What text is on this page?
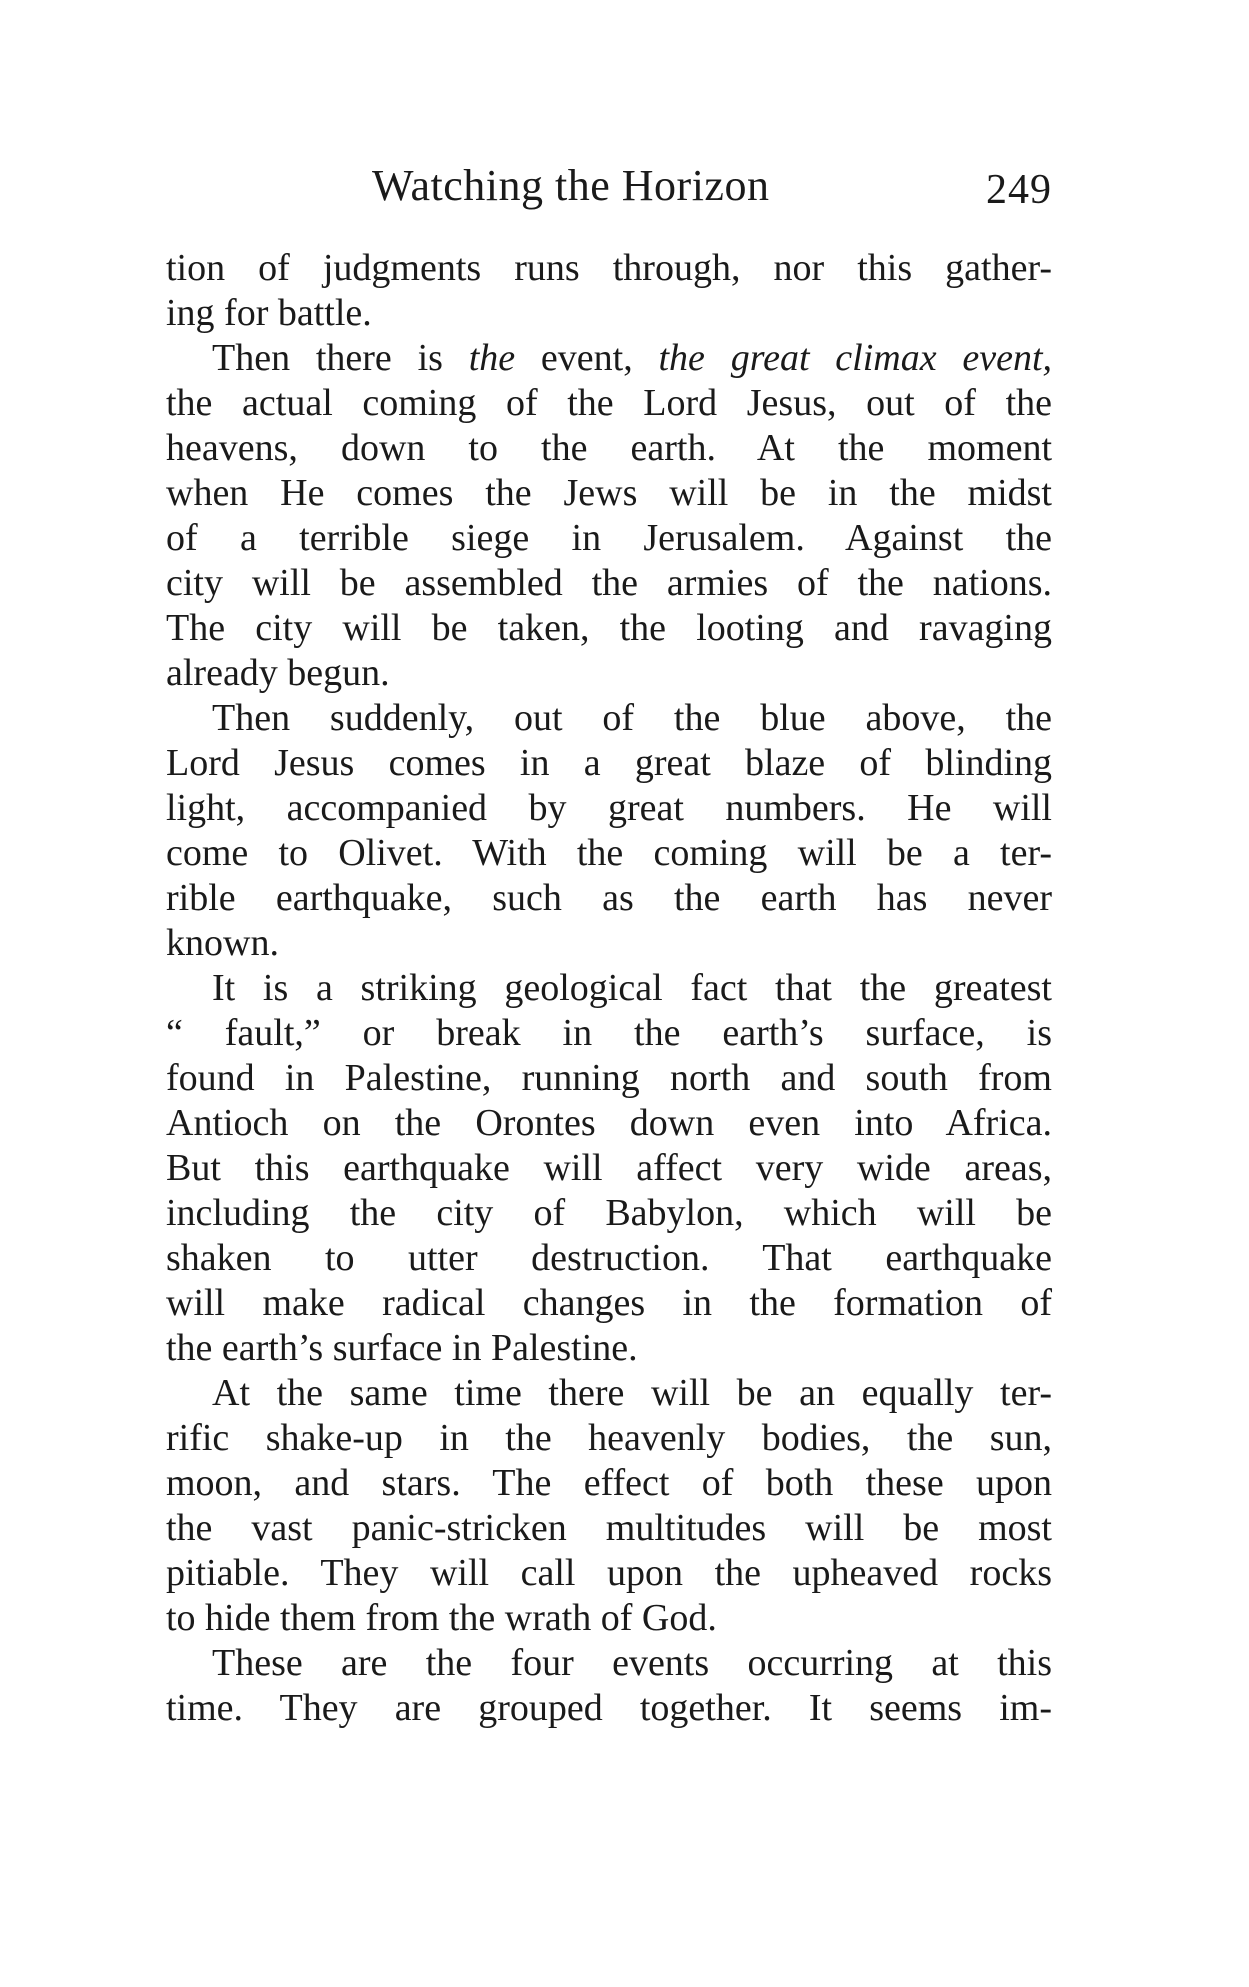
Watching the Horizon	249
tion of judgments runs through, nor this gather-
ing for battle.
Then there is the event, the great climax event,
the actual coming of the Lord Jesus, out of the
heavens, down to the earth. At the moment
when He comes the Jews will be in the midst
of a terrible siege in Jerusalem. Against the
city will be assembled the armies of the nations.
The city will be taken, the looting and ravaging
already begun.
Then suddenly, out of the blue above, the
Lord Jesus comes in a great blaze of blinding
light, accompanied by great numbers. He will
come to Olivet. With the coming will be a ter-
rible earthquake, such as the earth has never
known.
It is a striking geological fact that the greatest
“ fault,” or break in the earth’s surface, is
found in Palestine, running north and south from
Antioch on the Orontes down even into Africa.
But this earthquake will affect very wide areas,
including the city of Babylon, which will be
shaken to utter destruction. That earthquake
will make radical changes in the formation of
the earth’s surface in Palestine.
At the same time there will be an equally ter-
rific shake-up in the heavenly bodies, the sun,
moon, and stars. The effect of both these upon
the vast panic-stricken multitudes will be most
pitiable. They will call upon the upheaved rocks
to hide them from the wrath of God.
These are the four events occurring at this
time. They are grouped together. It seems im-
